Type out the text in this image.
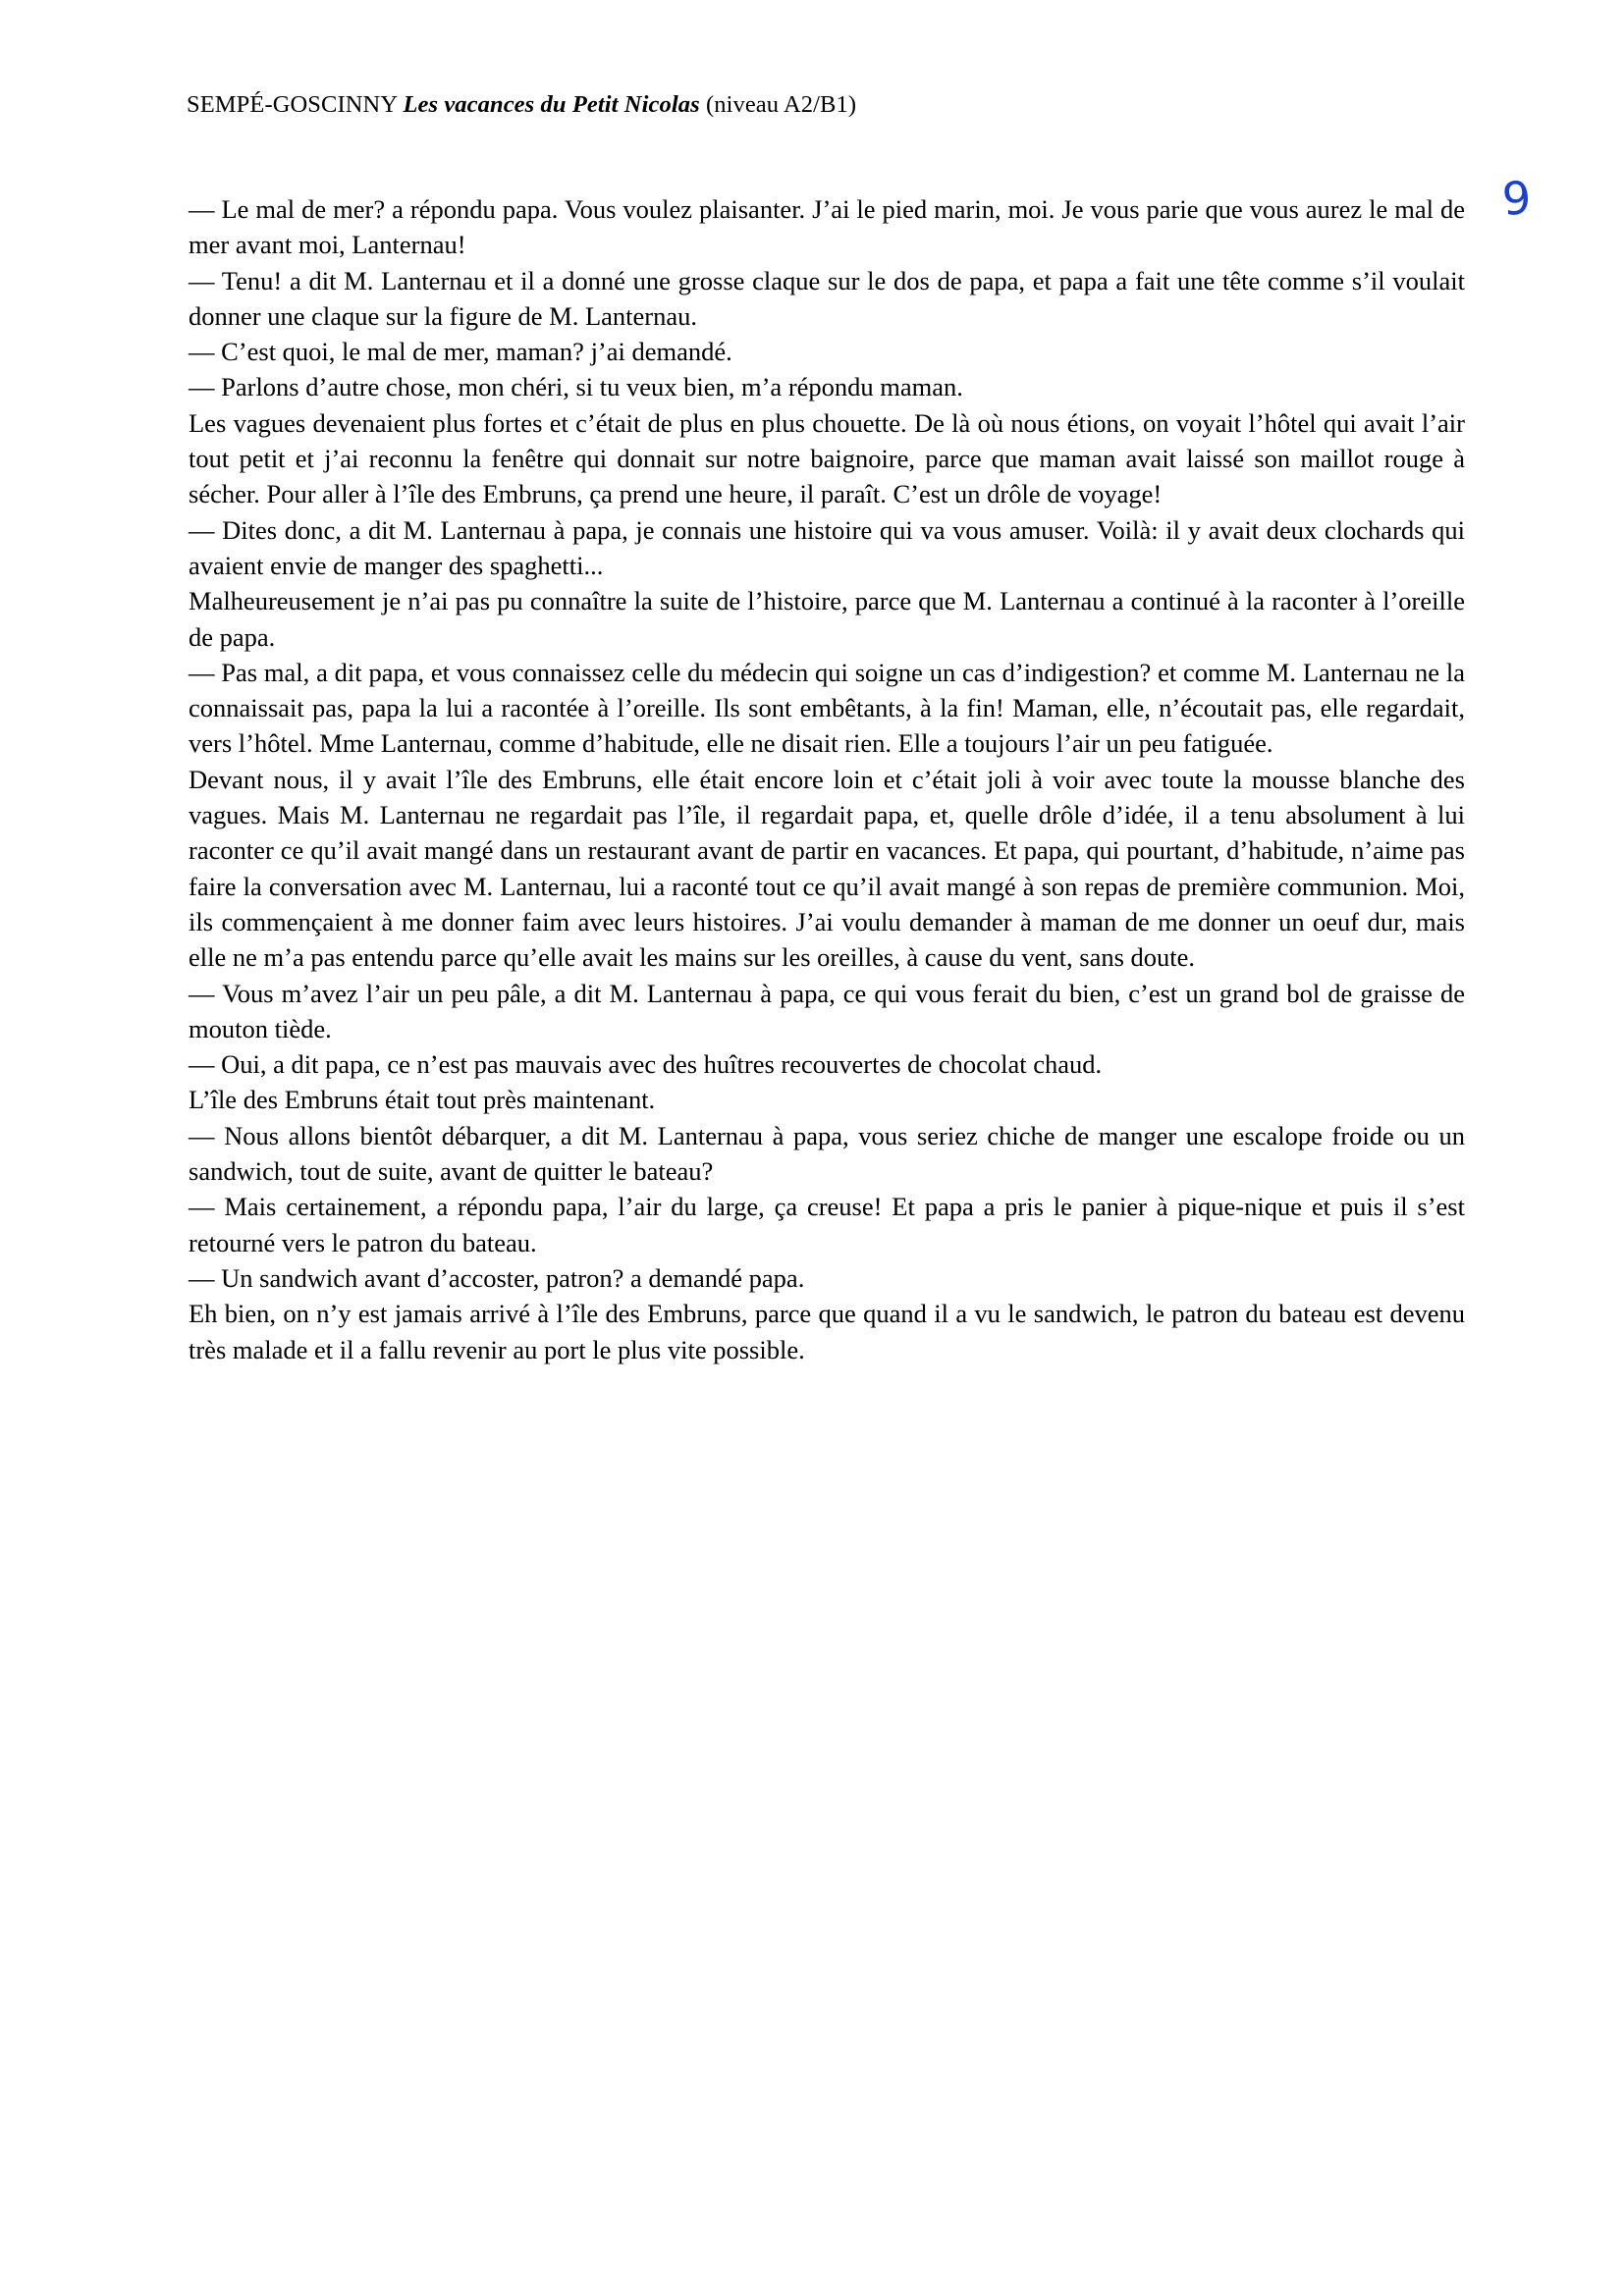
SEMPÉ-GOSCINNY Les vacances du Petit Nicolas (niveau A2/B1)
9

— Le mal de mer? a répondu papa. Vous voulez plaisanter. J’ai le pied marin, moi. Je vous parie que vous aurez le mal de mer avant moi, Lanternau!

— Tenu! a dit M. Lanternau et il a donné une grosse claque sur le dos de papa, et papa a fait une tête comme s’il voulait donner une claque sur la figure de M. Lanternau.

— C’est quoi, le mal de mer, maman? j’ai demandé.

— Parlons d’autre chose, mon chéri, si tu veux bien, m’a répondu maman.

Les vagues devenaient plus fortes et c’était de plus en plus chouette. De là où nous étions, on voyait l’hôtel qui avait l’air tout petit et j’ai reconnu la fenêtre qui donnait sur notre baignoire, parce que maman avait laissé son maillot rouge à sécher. Pour aller à l’île des Embruns, ça prend une heure, il paraît. C’est un drôle de voyage!

— Dites donc, a dit M. Lanternau à papa, je connais une histoire qui va vous amuser. Voilà: il y avait deux clochards qui avaient envie de manger des spaghetti...

Malheureusement je n’ai pas pu connaître la suite de l’histoire, parce que M. Lanternau a continué à la raconter à l’oreille de papa.

— Pas mal, a dit papa, et vous connaissez celle du médecin qui soigne un cas d’indigestion? et comme M. Lanternau ne la connaissait pas, papa la lui a racontée à l’oreille. Ils sont embêtants, à la fin! Maman, elle, n’écoutait pas, elle regardait, vers l’hôtel. Mme Lanternau, comme d’habitude, elle ne disait rien. Elle a toujours l’air un peu fatiguée.

Devant nous, il y avait l’île des Embruns, elle était encore loin et c’était joli à voir avec toute la mousse blanche des vagues. Mais M. Lanternau ne regardait pas l’île, il regardait papa, et, quelle drôle d’idée, il a tenu absolument à lui raconter ce qu’il avait mangé dans un restaurant avant de partir en vacances. Et papa, qui pourtant, d’habitude, n’aime pas faire la conversation avec M. Lanternau, lui a raconté tout ce qu’il avait mangé à son repas de première communion. Moi, ils commençaient à me donner faim avec leurs histoires. J’ai voulu demander à maman de me donner un oeuf dur, mais elle ne m’a pas entendu parce qu’elle avait les mains sur les oreilles, à cause du vent, sans doute.

— Vous m’avez l’air un peu pâle, a dit M. Lanternau à papa, ce qui vous ferait du bien, c’est un grand bol de graisse de mouton tiède.

— Oui, a dit papa, ce n’est pas mauvais avec des huîtres recouvertes de chocolat chaud.

L’île des Embruns était tout près maintenant.

— Nous allons bientôt débarquer, a dit M. Lanternau à papa, vous seriez chiche de manger une escalope froide ou un sandwich, tout de suite, avant de quitter le bateau?

— Mais certainement, a répondu papa, l’air du large, ça creuse! Et papa a pris le panier à pique-nique et puis il s’est retourné vers le patron du bateau.

— Un sandwich avant d’accoster, patron? a demandé papa.

Eh bien, on n’y est jamais arrivé à l’île des Embruns, parce que quand il a vu le sandwich, le patron du bateau est devenu très malade et il a fallu revenir au port le plus vite possible.
